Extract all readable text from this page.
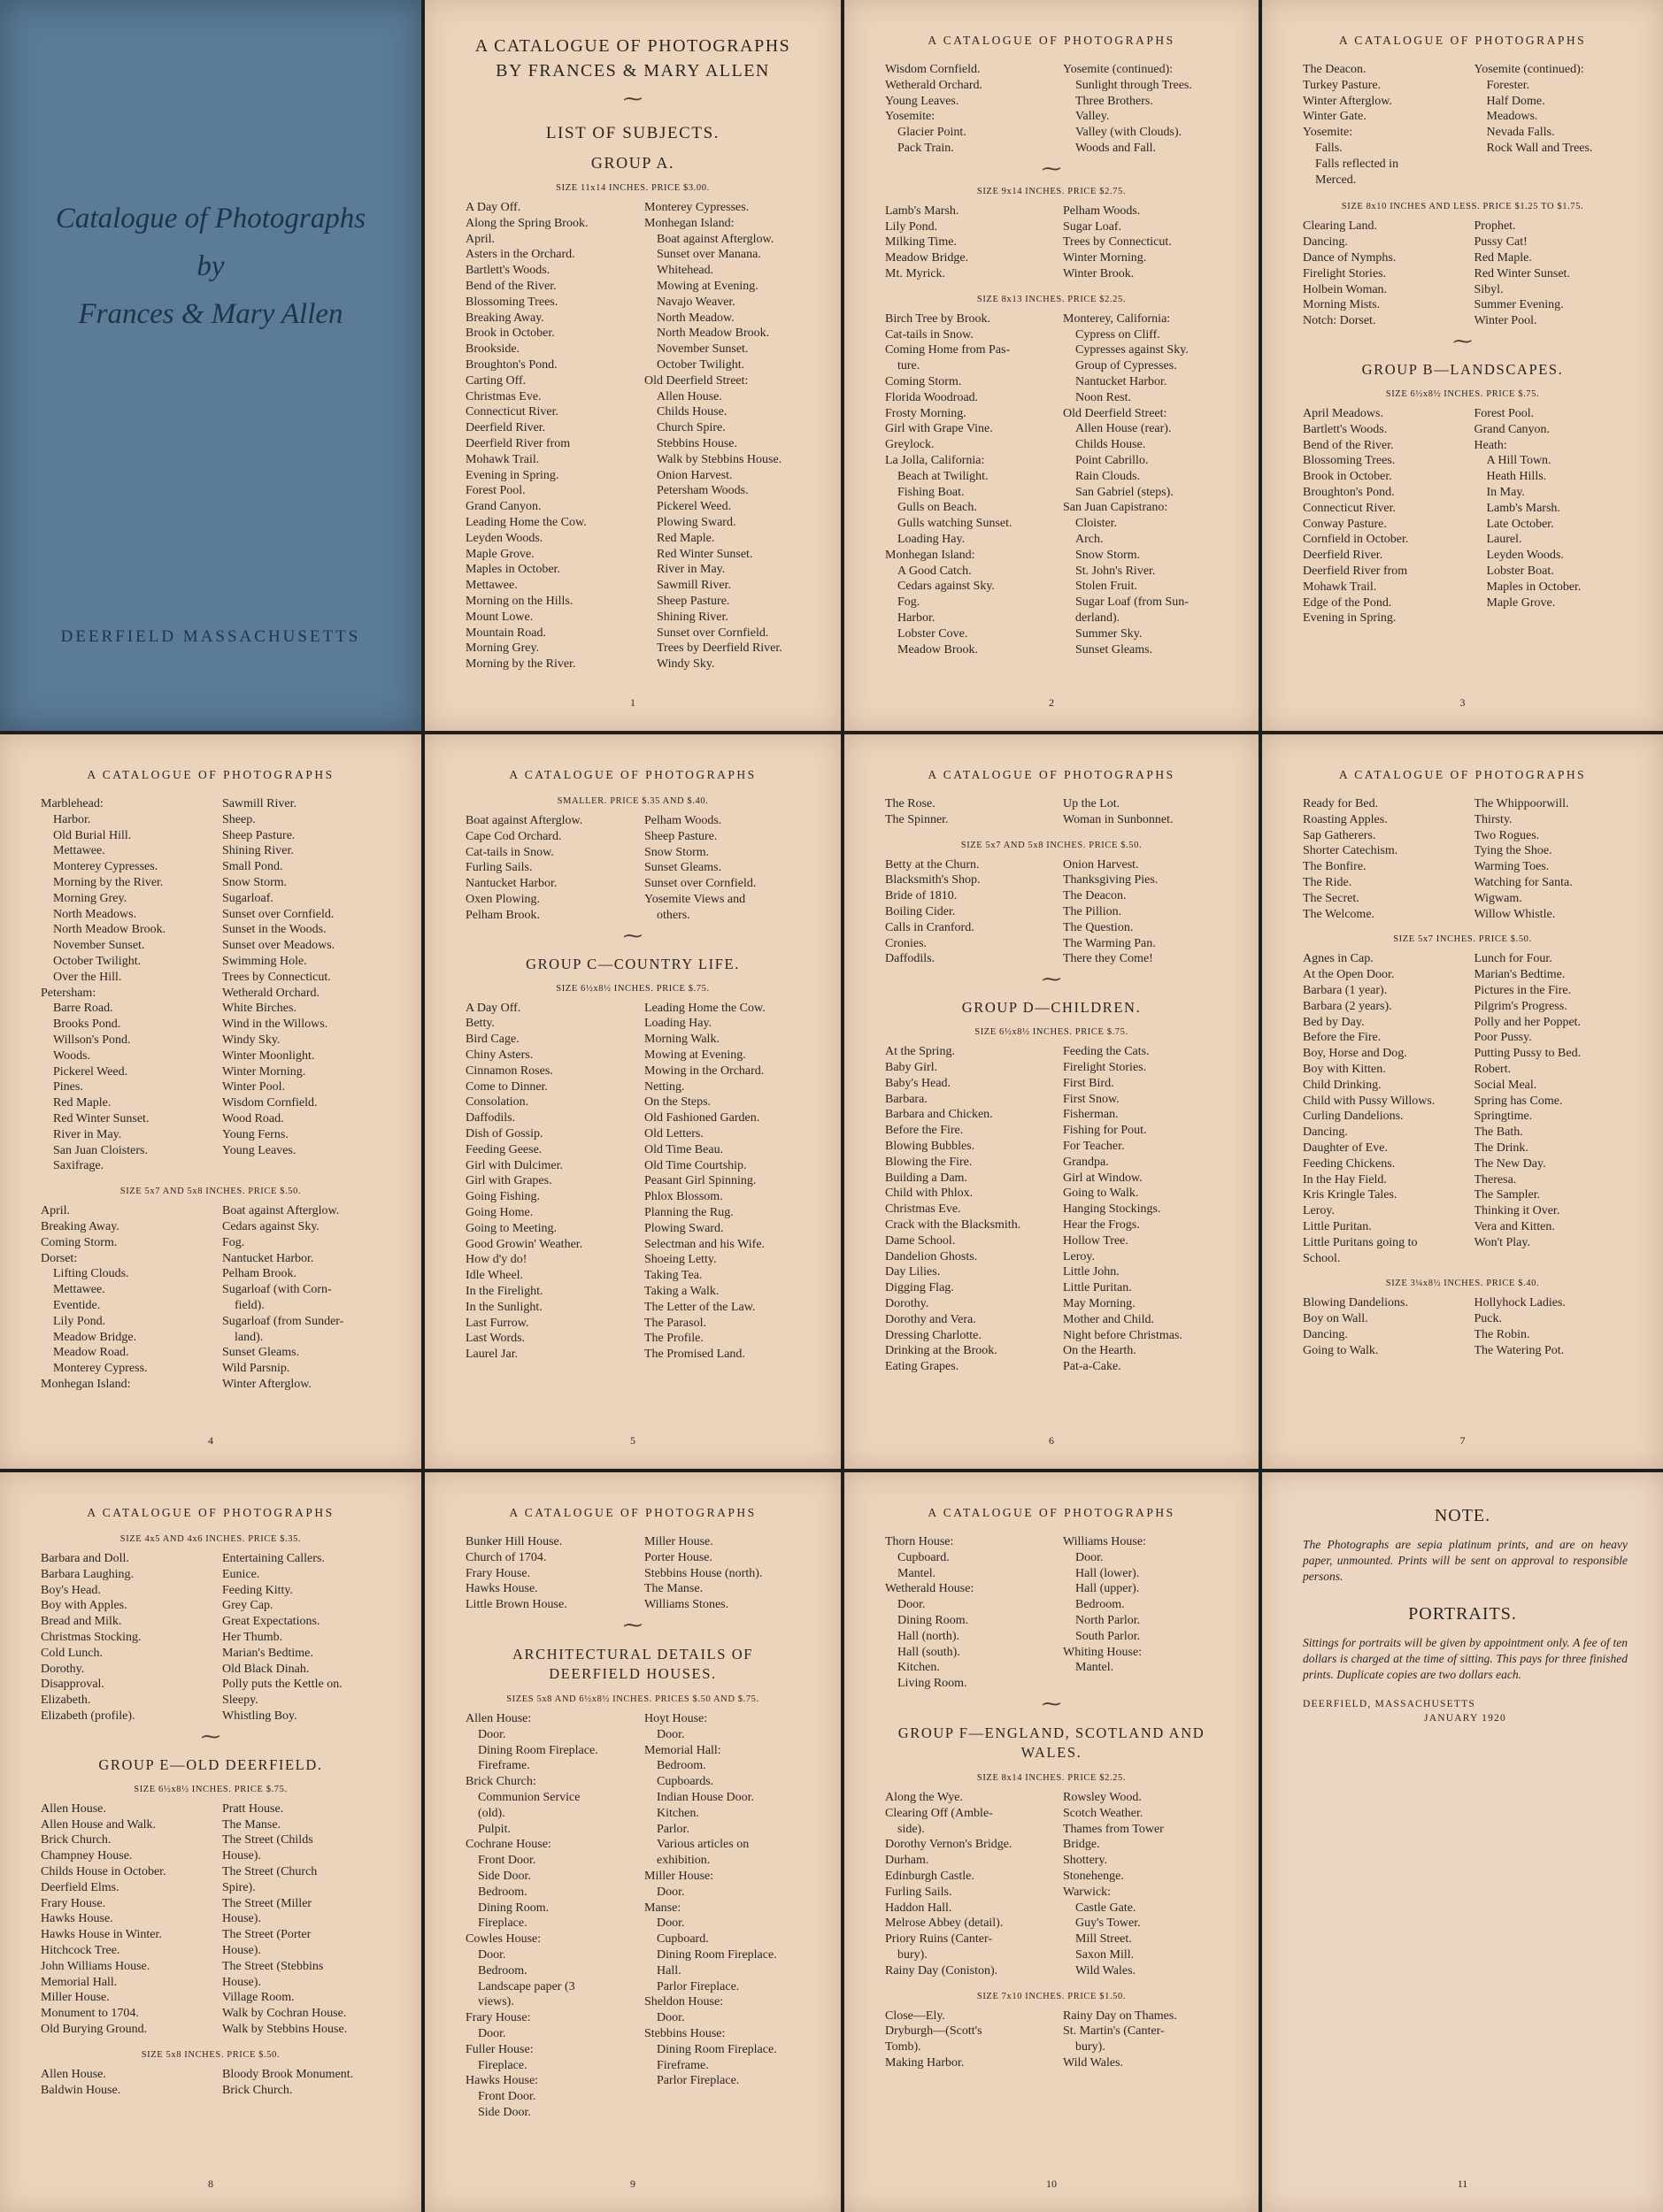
Catalogue of Photographs
by
Frances & Mary Allen
DEERFIELD MASSACHUSETTS
A CATALOGUE OF PHOTOGRAPHS
BY FRANCES & MARY ALLEN
⁓
LIST OF SUBJECTS.
GROUP A.
SIZE 11x14 INCHES. PRICE $3.00.
A Day Off.
Along the Spring Brook.
April.
Asters in the Orchard.
Bartlett's Woods.
Bend of the River.
Blossoming Trees.
Breaking Away.
Brook in October.
Brookside.
Broughton's Pond.
Carting Off.
Christmas Eve.
Connecticut River.
Deerfield River.
Deerfield River from
Mohawk Trail.
Evening in Spring.
Forest Pool.
Grand Canyon.
Leading Home the Cow.
Leyden Woods.
Maple Grove.
Maples in October.
Mettawee.
Morning on the Hills.
Mount Lowe.
Mountain Road.
Morning Grey.
Morning by the River.
Monterey Cypresses.
Monhegan Island:
Boat against Afterglow.
Sunset over Manana.
Whitehead.
Mowing at Evening.
Navajo Weaver.
North Meadow.
North Meadow Brook.
November Sunset.
October Twilight.
Old Deerfield Street:
Allen House.
Childs House.
Church Spire.
Stebbins House.
Walk by Stebbins House.
Onion Harvest.
Petersham Woods.
Pickerel Weed.
Plowing Sward.
Red Maple.
Red Winter Sunset.
River in May.
Sawmill River.
Sheep Pasture.
Shining River.
Sunset over Cornfield.
Trees by Deerfield River.
Windy Sky.
1
A CATALOGUE OF PHOTOGRAPHS
Wisdom Cornfield.
Wetherald Orchard.
Young Leaves.
Yosemite:
Glacier Point.
Pack Train.
Yosemite (continued):
Sunlight through Trees.
Three Brothers.
Valley.
Valley (with Clouds).
Woods and Fall.
⁓
SIZE 9x14 INCHES. PRICE $2.75.
Lamb's Marsh.
Lily Pond.
Milking Time.
Meadow Bridge.
Mt. Myrick.
Pelham Woods.
Sugar Loaf.
Trees by Connecticut.
Winter Morning.
Winter Brook.
SIZE 8x13 INCHES. PRICE $2.25.
Birch Tree by Brook.
Cat-tails in Snow.
Coming Home from Pas-
ture.
Coming Storm.
Florida Woodroad.
Frosty Morning.
Girl with Grape Vine.
Greylock.
La Jolla, California:
Beach at Twilight.
Fishing Boat.
Gulls on Beach.
Gulls watching Sunset.
Loading Hay.
Monhegan Island:
A Good Catch.
Cedars against Sky.
Fog.
Harbor.
Lobster Cove.
Meadow Brook.
Monterey, California:
Cypress on Cliff.
Cypresses against Sky.
Group of Cypresses.
Nantucket Harbor.
Noon Rest.
Old Deerfield Street:
Allen House (rear).
Childs House.
Point Cabrillo.
Rain Clouds.
San Gabriel (steps).
San Juan Capistrano:
Cloister.
Arch.
Snow Storm.
St. John's River.
Stolen Fruit.
Sugar Loaf (from Sun-
derland).
Summer Sky.
Sunset Gleams.
2
A CATALOGUE OF PHOTOGRAPHS
The Deacon.
Turkey Pasture.
Winter Afterglow.
Winter Gate.
Yosemite:
Falls.
Falls reflected in
Merced.
Yosemite (continued):
Forester.
Half Dome.
Meadows.
Nevada Falls.
Rock Wall and Trees.
SIZE 8x10 INCHES AND LESS. PRICE $1.25 TO $1.75.
Clearing Land.
Dancing.
Dance of Nymphs.
Firelight Stories.
Holbein Woman.
Morning Mists.
Notch: Dorset.
Prophet.
Pussy Cat!
Red Maple.
Red Winter Sunset.
Sibyl.
Summer Evening.
Winter Pool.
⁓
GROUP B—LANDSCAPES.
SIZE 6½x8½ INCHES. PRICE $.75.
April Meadows.
Bartlett's Woods.
Bend of the River.
Blossoming Trees.
Brook in October.
Broughton's Pond.
Connecticut River.
Conway Pasture.
Cornfield in October.
Deerfield River.
Deerfield River from
Mohawk Trail.
Edge of the Pond.
Evening in Spring.
Forest Pool.
Grand Canyon.
Heath:
A Hill Town.
Heath Hills.
In May.
Lamb's Marsh.
Late October.
Laurel.
Leyden Woods.
Lobster Boat.
Maples in October.
Maple Grove.
3
A CATALOGUE OF PHOTOGRAPHS
Marblehead:
Harbor.
Old Burial Hill.
Mettawee.
Monterey Cypresses.
Morning by the River.
Morning Grey.
North Meadows.
North Meadow Brook.
November Sunset.
October Twilight.
Over the Hill.
Petersham:
Barre Road.
Brooks Pond.
Willson's Pond.
Woods.
Pickerel Weed.
Pines.
Red Maple.
Red Winter Sunset.
River in May.
San Juan Cloisters.
Saxifrage.
Sawmill River.
Sheep.
Sheep Pasture.
Shining River.
Small Pond.
Snow Storm.
Sugarloaf.
Sunset over Cornfield.
Sunset in the Woods.
Sunset over Meadows.
Swimming Hole.
Trees by Connecticut.
Wetherald Orchard.
White Birches.
Wind in the Willows.
Windy Sky.
Winter Moonlight.
Winter Morning.
Winter Pool.
Wisdom Cornfield.
Wood Road.
Young Ferns.
Young Leaves.
SIZE 5x7 AND 5x8 INCHES. PRICE $.50.
April.
Breaking Away.
Coming Storm.
Dorset:
Lifting Clouds.
Mettawee.
Eventide.
Lily Pond.
Meadow Bridge.
Meadow Road.
Monterey Cypress.
Monhegan Island:
Boat against Afterglow.
Cedars against Sky.
Fog.
Nantucket Harbor.
Pelham Brook.
Sugarloaf (with Corn-
field).
Sugarloaf (from Sunder-
land).
Sunset Gleams.
Wild Parsnip.
Winter Afterglow.
4
A CATALOGUE OF PHOTOGRAPHS
SMALLER. PRICE $.35 AND $.40.
Boat against Afterglow.
Cape Cod Orchard.
Cat-tails in Snow.
Furling Sails.
Nantucket Harbor.
Oxen Plowing.
Pelham Brook.
Pelham Woods.
Sheep Pasture.
Snow Storm.
Sunset Gleams.
Sunset over Cornfield.
Yosemite Views and
others.
⁓
GROUP C—COUNTRY LIFE.
SIZE 6½x8½ INCHES. PRICE $.75.
A Day Off.
Betty.
Bird Cage.
Chiny Asters.
Cinnamon Roses.
Come to Dinner.
Consolation.
Daffodils.
Dish of Gossip.
Feeding Geese.
Girl with Dulcimer.
Girl with Grapes.
Going Fishing.
Going Home.
Going to Meeting.
Good Growin' Weather.
How d'y do!
Idle Wheel.
In the Firelight.
In the Sunlight.
Last Furrow.
Last Words.
Laurel Jar.
Leading Home the Cow.
Loading Hay.
Morning Walk.
Mowing at Evening.
Mowing in the Orchard.
Netting.
On the Steps.
Old Fashioned Garden.
Old Letters.
Old Time Beau.
Old Time Courtship.
Peasant Girl Spinning.
Phlox Blossom.
Planning the Rug.
Plowing Sward.
Selectman and his Wife.
Shoeing Letty.
Taking Tea.
Taking a Walk.
The Letter of the Law.
The Parasol.
The Profile.
The Promised Land.
5
A CATALOGUE OF PHOTOGRAPHS
The Rose.
The Spinner.
Up the Lot.
Woman in Sunbonnet.
SIZE 5x7 AND 5x8 INCHES. PRICE $.50.
Betty at the Churn.
Blacksmith's Shop.
Bride of 1810.
Boiling Cider.
Calls in Cranford.
Cronies.
Daffodils.
Onion Harvest.
Thanksgiving Pies.
The Deacon.
The Pillion.
The Question.
The Warming Pan.
There they Come!
⁓
GROUP D—CHILDREN.
SIZE 6½x8½ INCHES. PRICE $.75.
At the Spring.
Baby Girl.
Baby's Head.
Barbara.
Barbara and Chicken.
Before the Fire.
Blowing Bubbles.
Blowing the Fire.
Building a Dam.
Child with Phlox.
Christmas Eve.
Crack with the Blacksmith.
Dame School.
Dandelion Ghosts.
Day Lilies.
Digging Flag.
Dorothy.
Dorothy and Vera.
Dressing Charlotte.
Drinking at the Brook.
Eating Grapes.
Feeding the Cats.
Firelight Stories.
First Bird.
First Snow.
Fisherman.
Fishing for Pout.
For Teacher.
Grandpa.
Girl at Window.
Going to Walk.
Hanging Stockings.
Hear the Frogs.
Hollow Tree.
Leroy.
Little John.
Little Puritan.
May Morning.
Mother and Child.
Night before Christmas.
On the Hearth.
Pat-a-Cake.
6
A CATALOGUE OF PHOTOGRAPHS
Ready for Bed.
Roasting Apples.
Sap Gatherers.
Shorter Catechism.
The Bonfire.
The Ride.
The Secret.
The Welcome.
The Whippoorwill.
Thirsty.
Two Rogues.
Tying the Shoe.
Warming Toes.
Watching for Santa.
Wigwam.
Willow Whistle.
SIZE 5x7 INCHES. PRICE $.50.
Agnes in Cap.
At the Open Door.
Barbara (1 year).
Barbara (2 years).
Bed by Day.
Before the Fire.
Boy, Horse and Dog.
Boy with Kitten.
Child Drinking.
Child with Pussy Willows.
Curling Dandelions.
Dancing.
Daughter of Eve.
Feeding Chickens.
In the Hay Field.
Kris Kringle Tales.
Leroy.
Little Puritan.
Little Puritans going to
School.
Lunch for Four.
Marian's Bedtime.
Pictures in the Fire.
Pilgrim's Progress.
Polly and her Poppet.
Poor Pussy.
Putting Pussy to Bed.
Robert.
Social Meal.
Spring has Come.
Springtime.
The Bath.
The Drink.
The New Day.
Theresa.
The Sampler.
Thinking it Over.
Vera and Kitten.
Won't Play.
SIZE 3¼x8½ INCHES. PRICE $.40.
Blowing Dandelions.
Boy on Wall.
Dancing.
Going to Walk.
Hollyhock Ladies.
Puck.
The Robin.
The Watering Pot.
7
A CATALOGUE OF PHOTOGRAPHS
SIZE 4x5 AND 4x6 INCHES. PRICE $.35.
Barbara and Doll.
Barbara Laughing.
Boy's Head.
Boy with Apples.
Bread and Milk.
Christmas Stocking.
Cold Lunch.
Dorothy.
Disapproval.
Elizabeth.
Elizabeth (profile).
Entertaining Callers.
Eunice.
Feeding Kitty.
Grey Cap.
Great Expectations.
Her Thumb.
Marian's Bedtime.
Old Black Dinah.
Polly puts the Kettle on.
Sleepy.
Whistling Boy.
⁓
GROUP E—OLD DEERFIELD.
SIZE 6½x8½ INCHES. PRICE $.75.
Allen House.
Allen House and Walk.
Brick Church.
Champney House.
Childs House in October.
Deerfield Elms.
Frary House.
Hawks House.
Hawks House in Winter.
Hitchcock Tree.
John Williams House.
Memorial Hall.
Miller House.
Monument to 1704.
Old Burying Ground.
Pratt House.
The Manse.
The Street (Childs
House).
The Street (Church
Spire).
The Street (Miller
House).
The Street (Porter
House).
The Street (Stebbins
House).
Village Room.
Walk by Cochran House.
Walk by Stebbins House.
SIZE 5x8 INCHES. PRICE $.50.
Allen House.
Baldwin House.
Bloody Brook Monument.
Brick Church.
8
A CATALOGUE OF PHOTOGRAPHS
Bunker Hill House.
Church of 1704.
Frary House.
Hawks House.
Little Brown House.
Miller House.
Porter House.
Stebbins House (north).
The Manse.
Williams Stones.
⁓
ARCHITECTURAL DETAILS OF DEERFIELD HOUSES.
SIZES 5x8 AND 6½x8½ INCHES. PRICES $.50 AND $.75.
Allen House:
Door.
Dining Room Fireplace.
Fireframe.
Brick Church:
Communion Service
(old).
Pulpit.
Cochrane House:
Front Door.
Side Door.
Bedroom.
Dining Room.
Fireplace.
Cowles House:
Door.
Bedroom.
Landscape paper (3
views).
Frary House:
Door.
Fuller House:
Fireplace.
Hawks House:
Front Door.
Side Door.
Hoyt House:
Door.
Memorial Hall:
Bedroom.
Cupboards.
Indian House Door.
Kitchen.
Parlor.
Various articles on
exhibition.
Miller House:
Door.
Manse:
Door.
Cupboard.
Dining Room Fireplace.
Hall.
Parlor Fireplace.
Sheldon House:
Door.
Stebbins House:
Dining Room Fireplace.
Fireframe.
Parlor Fireplace.
9
A CATALOGUE OF PHOTOGRAPHS
Thorn House:
Cupboard.
Mantel.
Wetherald House:
Door.
Dining Room.
Hall (north).
Hall (south).
Kitchen.
Living Room.
Williams House:
Door.
Hall (lower).
Hall (upper).
Bedroom.
North Parlor.
South Parlor.
Whiting House:
Mantel.
⁓
GROUP F—ENGLAND, SCOTLAND AND WALES.
SIZE 8x14 INCHES. PRICE $2.25.
Along the Wye.
Clearing Off (Amble-
side).
Dorothy Vernon's Bridge.
Durham.
Edinburgh Castle.
Furling Sails.
Haddon Hall.
Melrose Abbey (detail).
Priory Ruins (Canter-
bury).
Rainy Day (Coniston).
Rowsley Wood.
Scotch Weather.
Thames from Tower
Bridge.
Shottery.
Stonehenge.
Warwick:
Castle Gate.
Guy's Tower.
Mill Street.
Saxon Mill.
Wild Wales.
SIZE 7x10 INCHES. PRICE $1.50.
Close—Ely.
Dryburgh—(Scott's
Tomb).
Making Harbor.
Rainy Day on Thames.
St. Martin's (Canter-
bury).
Wild Wales.
10
NOTE.
The Photographs are sepia platinum prints, and are on heavy paper, unmounted. Prints will be sent on approval to responsible persons.
PORTRAITS.
Sittings for portraits will be given by appointment only. A fee of ten dollars is charged at the time of sitting. This pays for three finished prints. Duplicate copies are two dollars each.
DEERFIELD, MASSACHUSETTS
JANUARY 1920
11
